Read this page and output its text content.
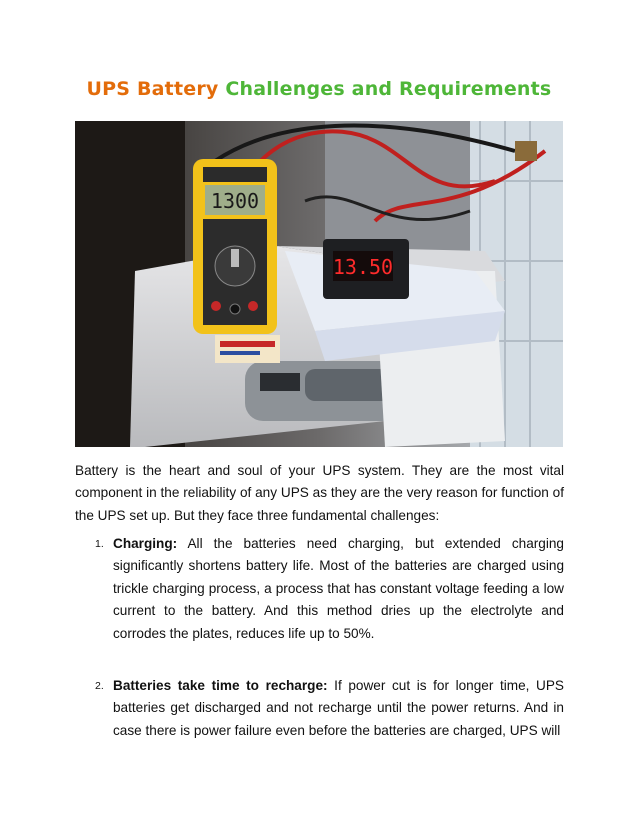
UPS Battery Challenges and Requirements
1300
13.50
Battery is the heart and soul of your UPS system. They are the most vital component in the reliability of any UPS as they are the very reason for function of the UPS set up. But they face three fundamental challenges:
1. Charging: All the batteries need charging, but extended charging significantly shortens battery life. Most of the batteries are charged using trickle charging process, a process that has constant voltage feeding a low current to the battery. And this method dries up the electrolyte and corrodes the plates, reduces life up to 50%.
2. Batteries take time to recharge: If power cut is for longer time, UPS batteries get discharged and not recharge until the power returns. And in case there is power failure even before the batteries are charged, UPS will
